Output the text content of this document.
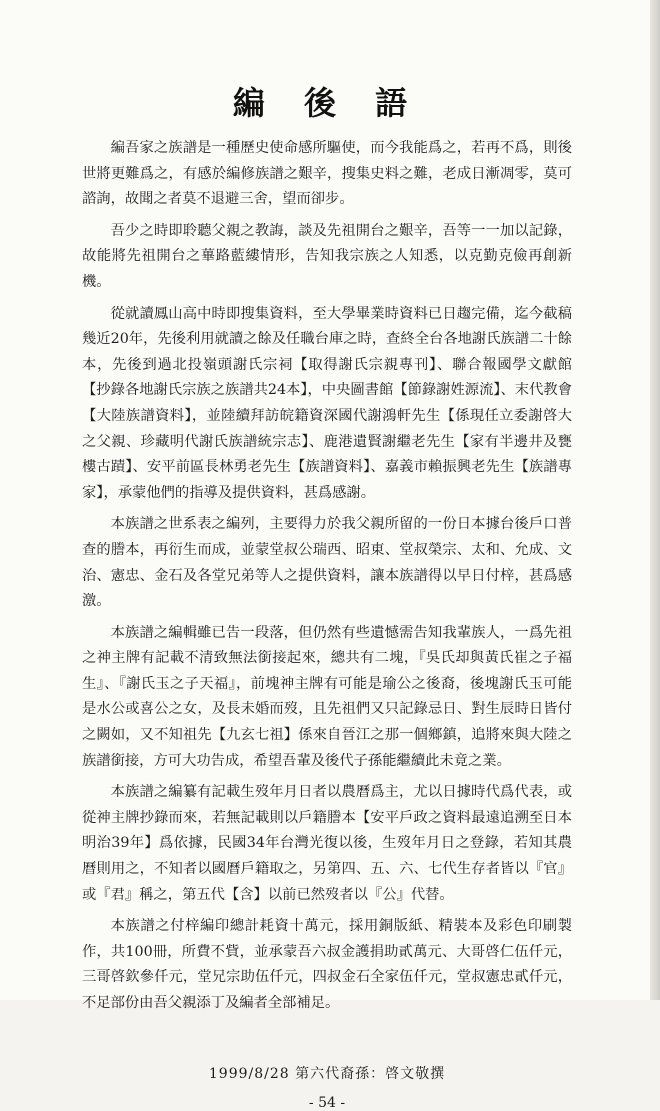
編 後 語

編吾家之族譜是一種歷史使命感所驅使，而今我能爲之，若再不爲，則後世將更難爲之，有感於編修族譜之艱辛，搜集史料之難，老成日漸凋零，莫可諮詢，故聞之者莫不退避三舍，望而卻步。

吾少之時即聆聽父親之教誨，談及先祖開台之艱辛，吾等一一加以記錄，故能將先祖開台之蓽路藍縷情形，告知我宗族之人知悉，以克勤克儉再創新機。

從就讀鳳山高中時即搜集資料，至大學畢業時資料已日趨完備，迄今截稿幾近20年，先後利用就讀之餘及任職台庫之時，查終全台各地謝氏族譜二十餘本，先後到過北投嶺頭謝氏宗祠【取得謝氏宗親專刊】、聯合報國學文獻館【抄錄各地謝氏宗族之族譜共24本】，中央圖書館【節錄謝姓源流】、末代教會【大陸族譜資料】，並陸續拜訪皖籍資深國代謝鴻軒先生【係現任立委謝啓大之父親、珍藏明代謝氏族譜統宗志】、鹿港遺賢謝繼老先生【家有半邊井及甕樓古蹟】、安平前區長林勇老先生【族譜資料】、嘉義市賴振興老先生【族譜專家】，承蒙他們的指導及提供資料，甚爲感謝。

本族譜之世系表之編列，主要得力於我父親所留的一份日本據台後戶口普查的謄本，再衍生而成，並蒙堂叔公瑞西、昭東、堂叔榮宗、太和、允成、文治、憲忠、金石及各堂兄弟等人之提供資料，讓本族譜得以早日付梓，甚爲感激。

本族譜之編輯雖已告一段落，但仍然有些遺憾需告知我輩族人，一爲先祖之神主牌有記載不清致無法銜接起來，總共有二塊，『吳氏却與黃氏崔之子福生』、『謝氏玉之子天福』，前塊神主牌有可能是瑜公之後裔，後塊謝氏玉可能是水公或喜公之女，及長未婚而歿，且先祖們又只記錄忌日、對生辰時日皆付之闕如，又不知祖先【九玄七祖】係來自晉江之那一個鄉鎮，追將來與大陸之族譜銜接，方可大功告成，希望吾輩及後代子孫能繼續此未竟之業。

本族譜之編纂有記載生歿年月日者以農曆爲主，尤以日據時代爲代表，或從神主牌抄錄而來，若無記載則以戶籍謄本【安平戶政之資料最遠追溯至日本明治39年】爲依據，民國34年台灣光復以後，生歿年月日之登錄，若知其農曆則用之，不知者以國曆戶籍取之，另第四、五、六、七代生存者皆以『官』或『君』稱之，第五代【含】以前已然歿者以『公』代替。

本族譜之付梓編印總計耗資十萬元，採用銅版紙、精裝本及彩色印刷製作，共100冊，所費不貲，並承蒙吾六叔金護捐助貳萬元、大哥啓仁伍仟元，三哥啓欽參仟元，堂兄宗助伍仟元，四叔金石全家伍仟元，堂叔憲忠貳仟元，不足部份由吾父親添丁及編者全部補足。

1999/8/28 第六代裔孫：啓文敬撰
- 54 -
